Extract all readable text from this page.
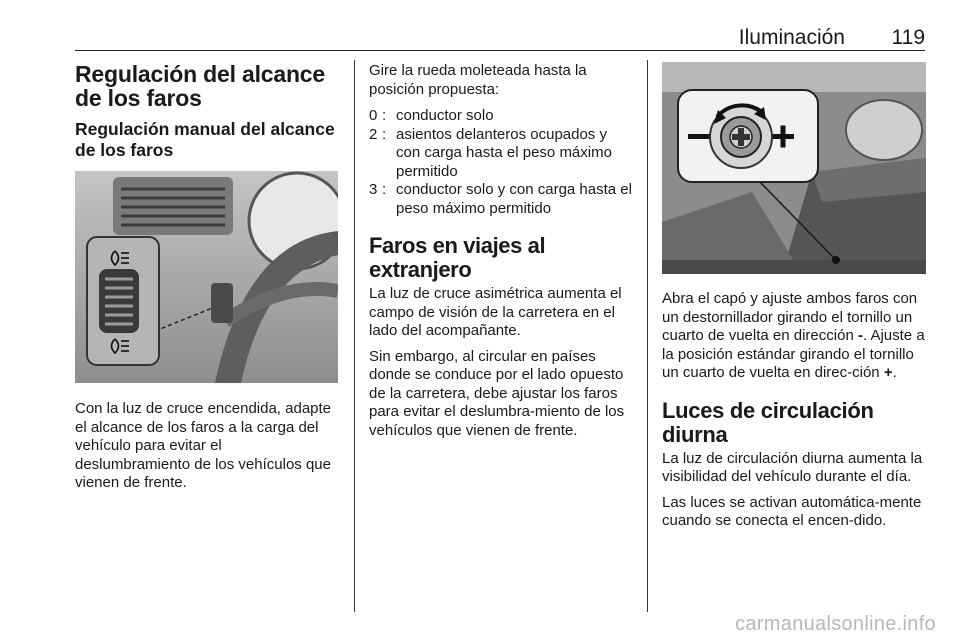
Iluminación 119
Regulación del alcance de los faros
Regulación manual del alcance de los faros

Con la luz de cruce encendida, adapte el alcance de los faros a la carga del vehículo para evitar el deslumbramiento de los vehículos que vienen de frente.

Gire la rueda moleteada hasta la posición propuesta:

0 : conductor solo
2 : asientos delanteros ocupados y con carga hasta el peso máximo permitido
3 : conductor solo y con carga hasta el peso máximo permitido
Faros en viajes al extranjero

La luz de cruce asimétrica aumenta el campo de visión de la carretera en el lado del acompañante.

Sin embargo, al circular en países donde se conduce por el lado opuesto de la carretera, debe ajustar los faros para evitar el deslumbra-miento de los vehículos que vienen de frente.

Abra el capó y ajuste ambos faros con un destornillador girando el tornillo un cuarto de vuelta en dirección -. Ajuste a la posición estándar girando el tornillo un cuarto de vuelta en direc-ción +.

Luces de circulación diurna

La luz de circulación diurna aumenta la visibilidad del vehículo durante el día.

Las luces se activan automática-mente cuando se conecta el encen-dido.

carmanualsonline.info
